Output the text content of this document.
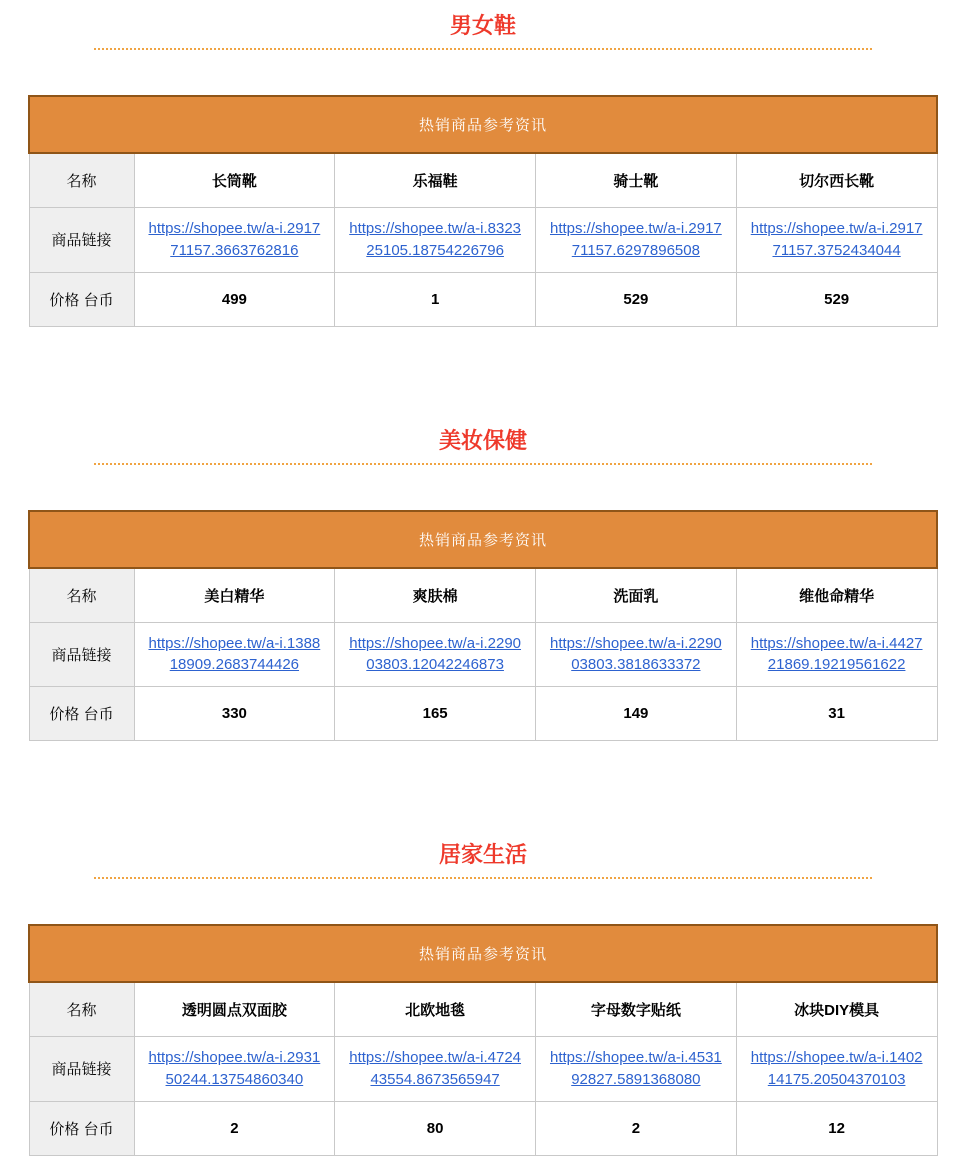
男女鞋
热销商品参考资讯				
名称	长筒靴	乐福鞋	骑士靴	切尔西长靴
商品链接	https://shopee.tw/a-i.291771157.3663762816	https://shopee.tw/a-i.832325105.18754226796	https://shopee.tw/a-i.291771157.6297896508	https://shopee.tw/a-i.291771157.3752434044
价格 台币	499	1	529	529
美妆保健
热销商品参考资讯				
名称	美白精华	爽肤棉	洗面乳	维他命精华
商品链接	https://shopee.tw/a-i.138818909.2683744426	https://shopee.tw/a-i.229003803.12042246873	https://shopee.tw/a-i.229003803.3818633372	https://shopee.tw/a-i.442721869.19219561622
价格 台币	330	165	149	31
居家生活
热销商品参考资讯				
名称	透明圆点双面胶	北欧地毯	字母数字贴纸	冰块DIY模具
商品链接	https://shopee.tw/a-i.293150244.13754860340	https://shopee.tw/a-i.472443554.8673565947	https://shopee.tw/a-i.453192827.5891368080	https://shopee.tw/a-i.140214175.20504370103
价格 台币	2	80	2	12
